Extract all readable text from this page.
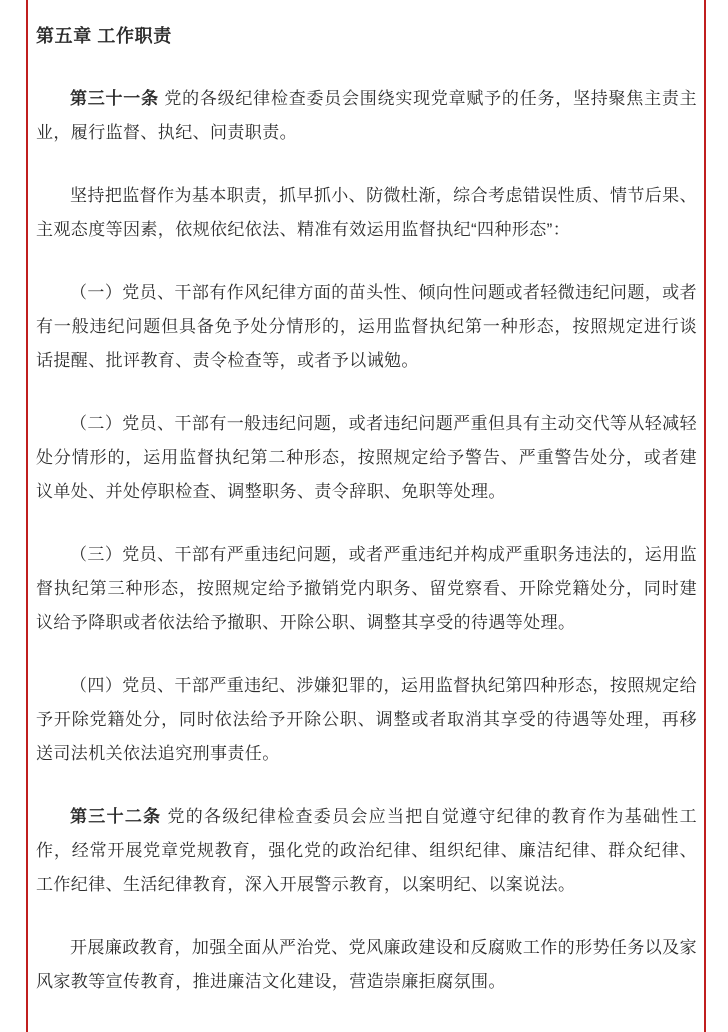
第五章 工作职责

第三十一条 党的各级纪律检查委员会围绕实现党章赋予的任务，坚持聚焦主责主业，履行监督、执纪、问责职责。

坚持把监督作为基本职责，抓早抓小、防微杜渐，综合考虑错误性质、情节后果、主观态度等因素，依规依纪依法、精准有效运用监督执纪“四种形态”：

（一）党员、干部有作风纪律方面的苗头性、倾向性问题或者轻微违纪问题，或者有一般违纪问题但具备免予处分情形的，运用监督执纪第一种形态，按照规定进行谈话提醒、批评教育、责令检查等，或者予以诫勉。

（二）党员、干部有一般违纪问题，或者违纪问题严重但具有主动交代等从轻减轻处分情形的，运用监督执纪第二种形态，按照规定给予警告、严重警告处分，或者建议单处、并处停职检查、调整职务、责令辞职、免职等处理。

（三）党员、干部有严重违纪问题，或者严重违纪并构成严重职务违法的，运用监督执纪第三种形态，按照规定给予撤销党内职务、留党察看、开除党籍处分，同时建议给予降职或者依法给予撤职、开除公职、调整其享受的待遇等处理。

（四）党员、干部严重违纪、涉嫌犯罪的，运用监督执纪第四种形态，按照规定给予开除党籍处分，同时依法给予开除公职、调整或者取消其享受的待遇等处理，再移送司法机关依法追究刑事责任。

第三十二条 党的各级纪律检查委员会应当把自觉遵守纪律的教育作为基础性工作，经常开展党章党规教育，强化党的政治纪律、组织纪律、廉洁纪律、群众纪律、工作纪律、生活纪律教育，深入开展警示教育，以案明纪、以案说法。

开展廉政教育，加强全面从严治党、党风廉政建设和反腐败工作的形势任务以及家风家教等宣传教育，推进廉洁文化建设，营造崇廉拒腐氛围。
